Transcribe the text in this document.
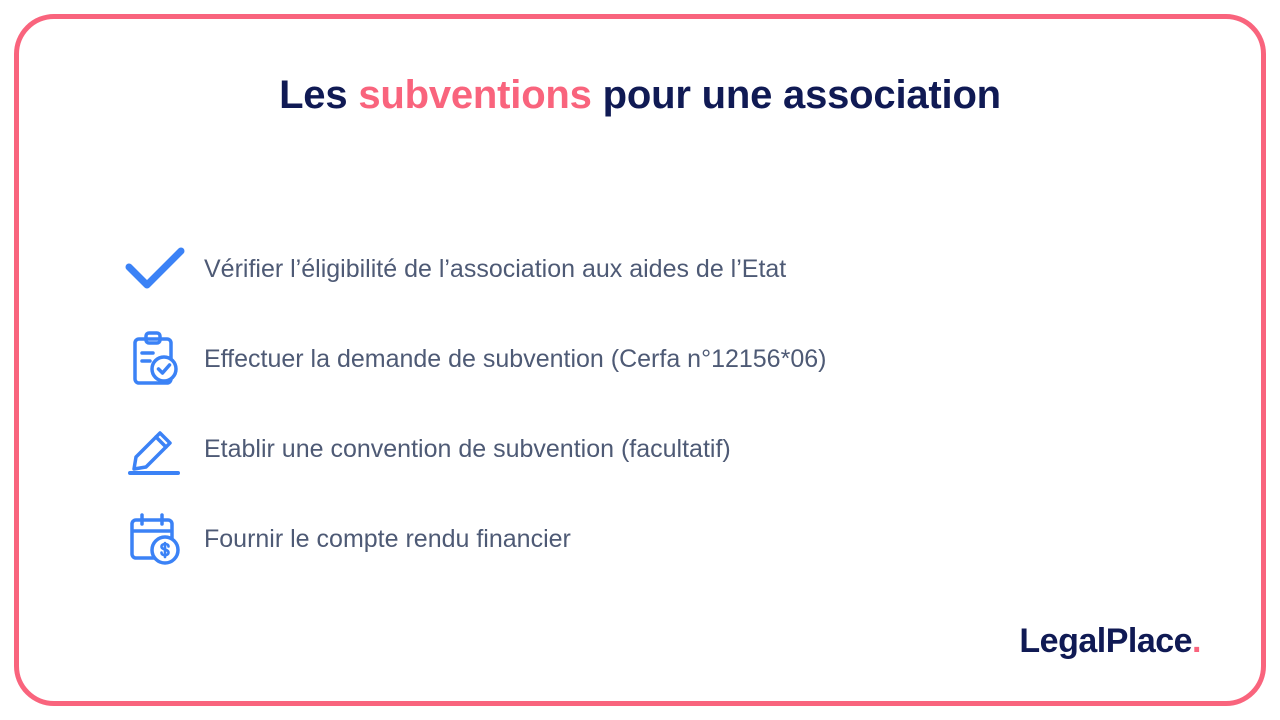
Les subventions pour une association
Vérifier l’éligibilité de l’association aux aides de l’Etat
Effectuer la demande de subvention (Cerfa n°12156*06)
Etablir une convention de subvention (facultatif)
Fournir le compte rendu financier
LegalPlace.
